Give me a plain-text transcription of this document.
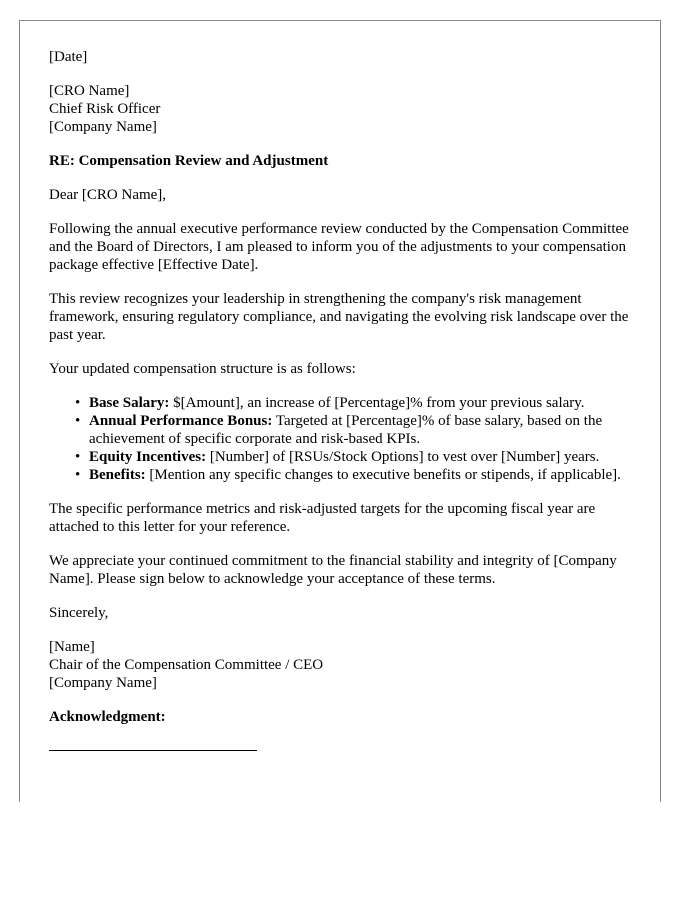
[Date]

[CRO Name]
Chief Risk Officer
[Company Name]

RE: Compensation Review and Adjustment

Dear [CRO Name],

Following the annual executive performance review conducted by the Compensation Committee and the Board of Directors, I am pleased to inform you of the adjustments to your compensation package effective [Effective Date].

This review recognizes your leadership in strengthening the company's risk management framework, ensuring regulatory compliance, and navigating the evolving risk landscape over the past year.

Your updated compensation structure is as follows:

• Base Salary: $[Amount], an increase of [Percentage]% from your previous salary.
• Annual Performance Bonus: Targeted at [Percentage]% of base salary, based on the achievement of specific corporate and risk-based KPIs.
• Equity Incentives: [Number] of [RSUs/Stock Options] to vest over [Number] years.
• Benefits: [Mention any specific changes to executive benefits or stipends, if applicable].

The specific performance metrics and risk-adjusted targets for the upcoming fiscal year are attached to this letter for your reference.

We appreciate your continued commitment to the financial stability and integrity of [Company Name]. Please sign below to acknowledge your acceptance of these terms.

Sincerely,

[Name]
Chair of the Compensation Committee / CEO
[Company Name]

Acknowledgment:
